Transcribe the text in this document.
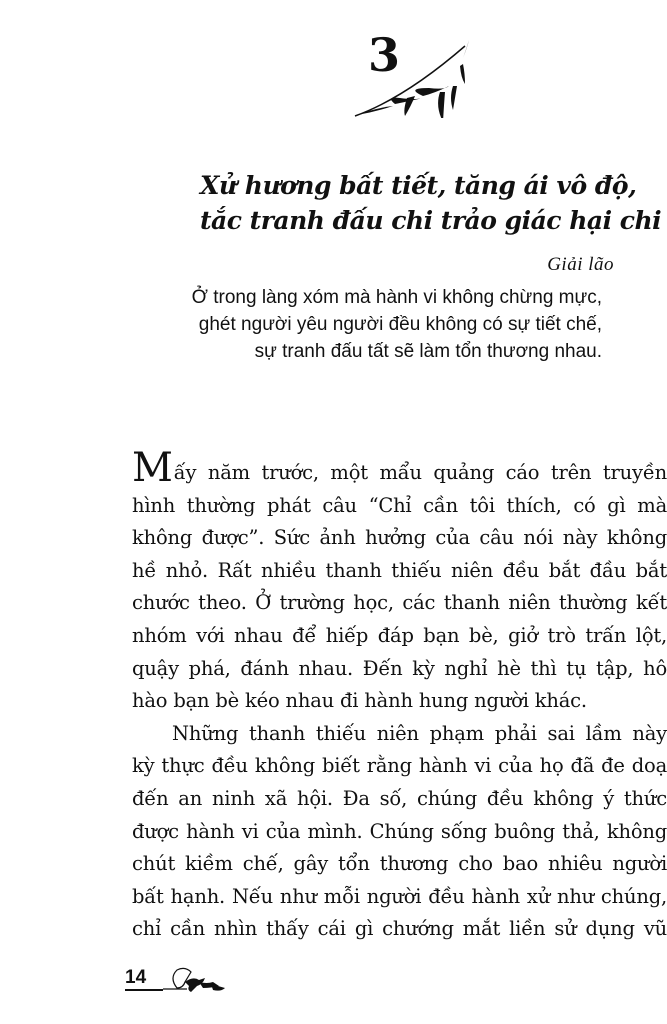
3
Xử hương bất tiết, tăng ái vô độ,
tắc tranh đấu chi trảo giác hại chi
Giải lão
Ở trong làng xóm mà hành vi không chừng mực,
ghét người yêu người đều không có sự tiết chế,
sự tranh đấu tất sẽ làm tổn thương nhau.
Mấy năm trước, một mẩu quảng cáo trên truyền
hình thường phát câu “Chỉ cần tôi thích, có gì mà
không được”. Sức ảnh hưởng của câu nói này không
hề nhỏ. Rất nhiều thanh thiếu niên đều bắt đầu bắt
chước theo. Ở trường học, các thanh niên thường kết
nhóm với nhau để hiếp đáp bạn bè, giở trò trấn lột,
quậy phá, đánh nhau. Đến kỳ nghỉ hè thì tụ tập, hô
hào bạn bè kéo nhau đi hành hung người khác.
Những thanh thiếu niên phạm phải sai lầm này
kỳ thực đều không biết rằng hành vi của họ đã đe doạ
đến an ninh xã hội. Đa số, chúng đều không ý thức
được hành vi của mình. Chúng sống buông thả, không
chút kiềm chế, gây tổn thương cho bao nhiêu người
bất hạnh. Nếu như mỗi người đều hành xử như chúng,
chỉ cần nhìn thấy cái gì chướng mắt liền sử dụng vũ
14
